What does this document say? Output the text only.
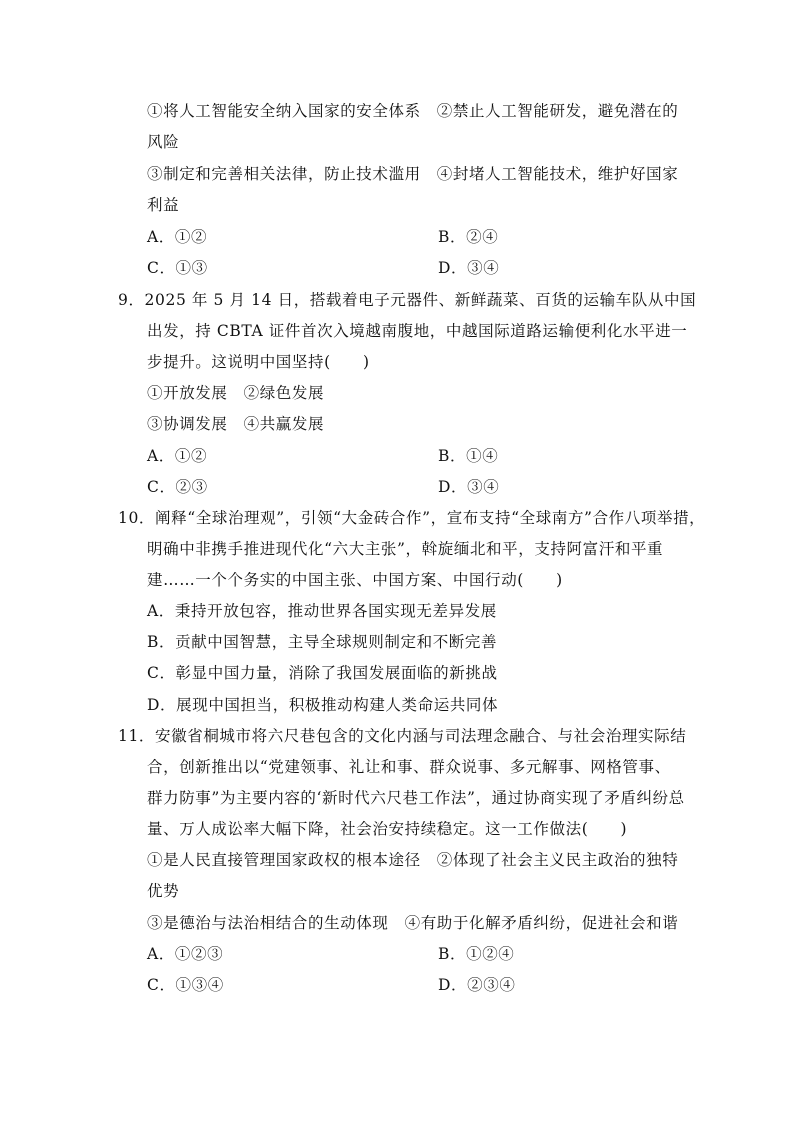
①将人工智能安全纳入国家的安全体系　②禁止人工智能研发，避免潜在的
风险
③制定和完善相关法律，防止技术滥用　④封堵人工智能技术，维护好国家
利益
A．①②	B．②④
C．①③	D．③④
9．2025 年 5 月 14 日，搭载着电子元器件、新鲜蔬菜、百货的运输车队从中国
出发，持 CBTA 证件首次入境越南腹地，中越国际道路运输便利化水平进一
步提升。这说明中国坚持(　　)
①开放发展　②绿色发展
③协调发展　④共赢发展
A．①②	B．①④
C．②③	D．③④
10．阐释“全球治理观”，引领“大金砖合作”，宣布支持“全球南方”合作八项举措，
明确中非携手推进现代化“六大主张”，斡旋缅北和平，支持阿富汗和平重
建……一个个务实的中国主张、中国方案、中国行动(　　)
A．秉持开放包容，推动世界各国实现无差异发展
B．贡献中国智慧，主导全球规则制定和不断完善
C．彰显中国力量，消除了我国发展面临的新挑战
D．展现中国担当，积极推动构建人类命运共同体
11．安徽省桐城市将六尺巷包含的文化内涵与司法理念融合、与社会治理实际结
合，创新推出以“党建领事、礼让和事、群众说事、多元解事、网格管事、
群力防事”为主要内容的‘新时代六尺巷工作法”，通过协商实现了矛盾纠纷总
量、万人成讼率大幅下降，社会治安持续稳定。这一工作做法(　　)
①是人民直接管理国家政权的根本途径　②体现了社会主义民主政治的独特
优势
③是德治与法治相结合的生动体现　④有助于化解矛盾纠纷，促进社会和谐
A．①②③	B．①②④
C．①③④	D．②③④
